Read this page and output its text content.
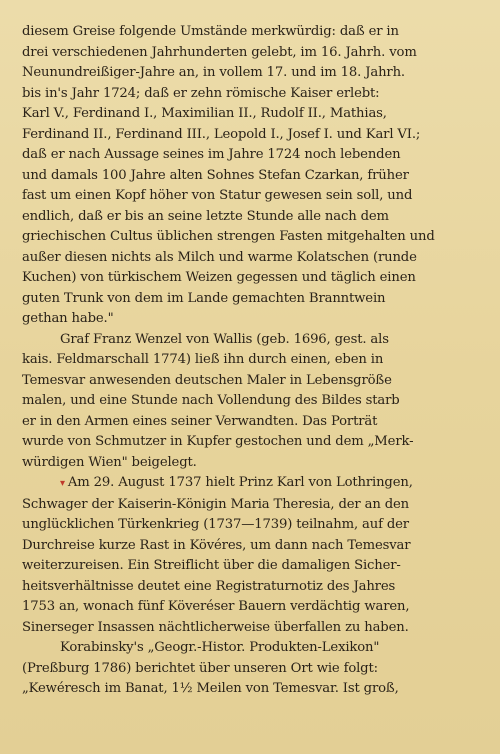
diesem Greise folgende Umstände merkwürdig: daß er in
drei verschiedenen Jahrhunderten gelebt, im 16. Jahrh. vom
Neunundreißiger-Jahre an, in vollem 17. und im 18. Jahrh.
bis in's Jahr 1724; daß er zehn römische Kaiser erlebt:
Karl V., Ferdinand I., Maximilian II., Rudolf II., Mathias,
Ferdinand II., Ferdinand III., Leopold I., Josef I. und Karl VI.;
daß er nach Aussage seines im Jahre 1724 noch lebenden
und damals 100 Jahre alten Sohnes Stefan Czarkan, früher
fast um einen Kopf höher von Statur gewesen sein soll, und
endlich, daß er bis an seine letzte Stunde alle nach dem
griechischen Cultus üblichen strengen Fasten mitgehalten und
außer diesen nichts als Milch und warme Kolatschen (runde
Kuchen) von türkischem Weizen gegessen und täglich einen
guten Trunk von dem im Lande gemachten Branntwein
gethan habe."
Graf Franz Wenzel von Wallis (geb. 1696, gest. als
kais. Feldmarschall 1774) ließ ihn durch einen, eben in
Temesvar anwesenden deutschen Maler in Lebensgröße
malen, und eine Stunde nach Vollendung des Bildes starb
er in den Armen eines seiner Verwandten. Das Porträt
wurde von Schmutzer in Kupfer gestochen und dem „Merk-
würdigen Wien" beigelegt.
▾ Am 29. August 1737 hielt Prinz Karl von Lothringen,
Schwager der Kaiserin-Königin Maria Theresia, der an den
unglücklichen Türkenkrieg (1737—1739) teilnahm, auf der
Durchreise kurze Rast in Kövéres, um dann nach Temesvar
weiterzureisen. Ein Streiflicht über die damaligen Sicher-
heitsverhältnisse deutet eine Registraturnotiz des Jahres
1753 an, wonach fünf Köveréser Bauern verdächtig waren,
Sinerseger Insassen nächtlicherweise überfallen zu haben.
Korabinsky's „Geogr.-Histor. Produkten-Lexikon"
(Preßburg 1786) berichtet über unseren Ort wie folgt:
„Kewéresch im Banat, 1½ Meilen von Temesvar. Ist groß,
